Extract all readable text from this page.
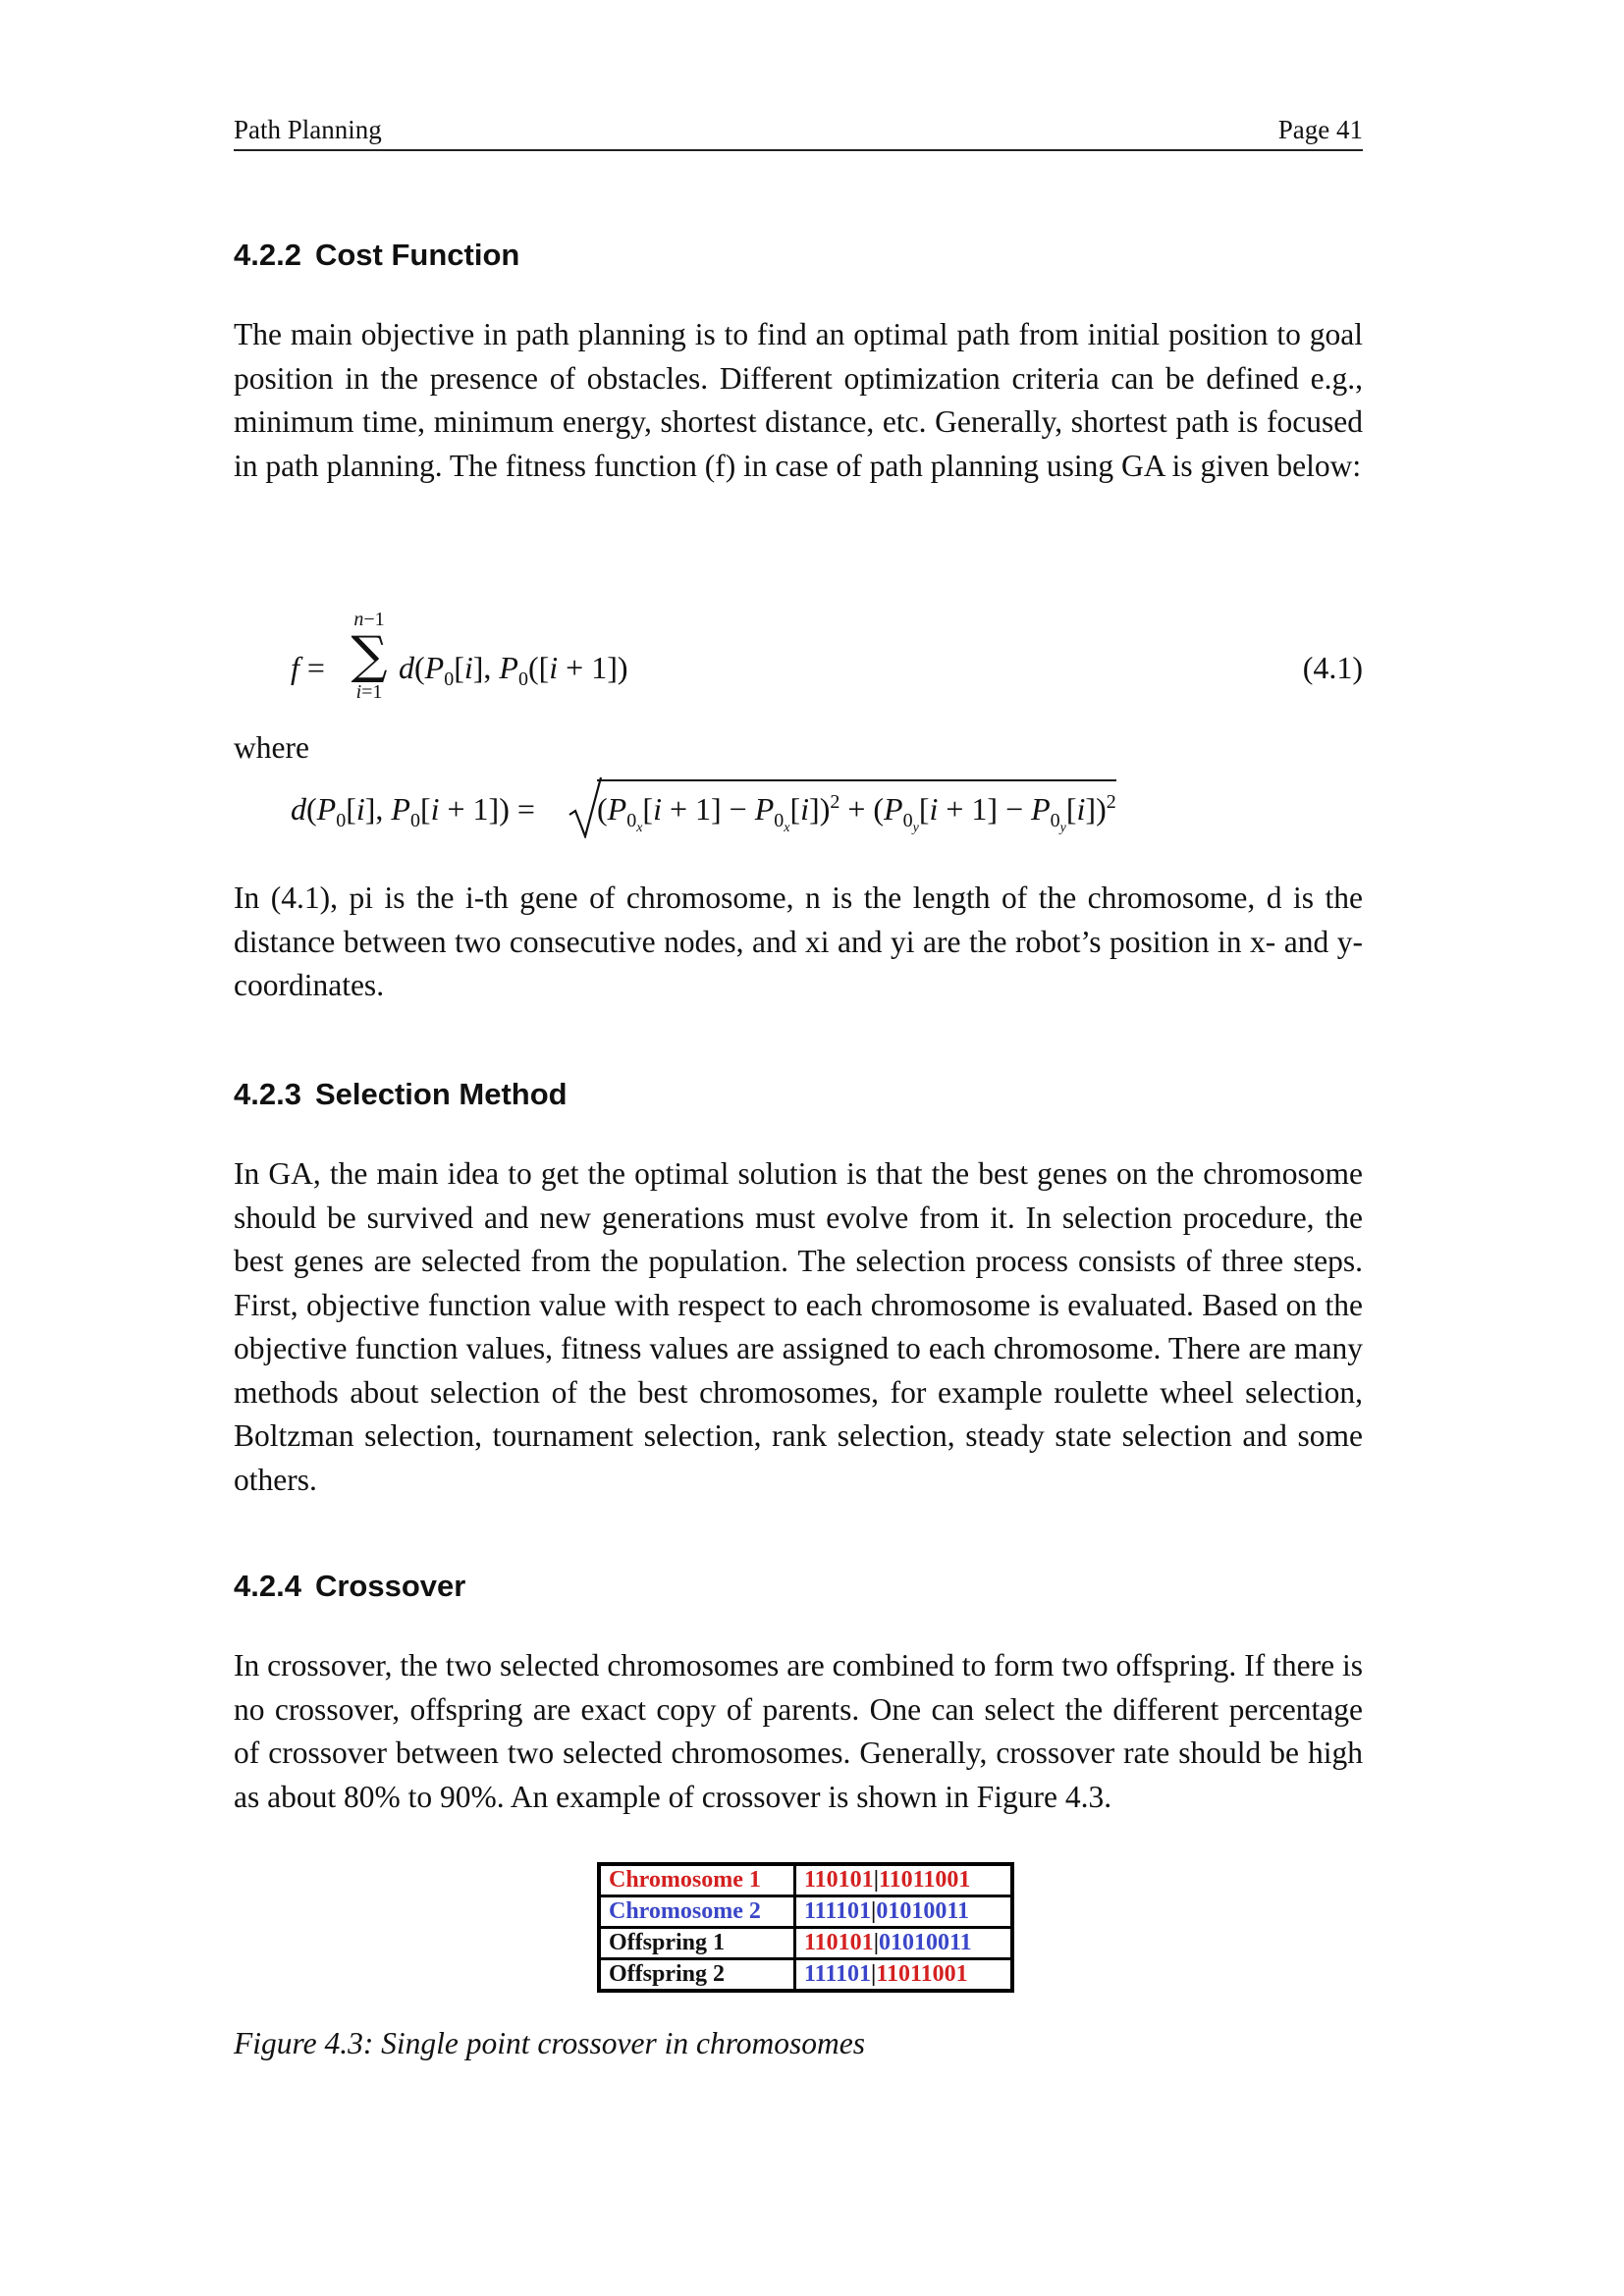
Path Planning	Page 41
4.2.2 Cost Function

The main objective in path planning is to find an optimal path from initial position to goal position in the presence of obstacles. Different optimization criteria can be defined e.g., minimum time, minimum energy, shortest distance, etc. Generally, shortest path is focused in path planning. The fitness function (f) in case of path planning using GA is given below:

f =
n−1
∑
i=1
$d(P_0[i]$, $P_0([i + 1])$	(4.1)
where
$d(P_0[i]$, $P_0[i + 1]) = (P_{0_x}[i + 1] - P_{0_x}[i])^2 + (P_{0_y}[i + 1] - P_{0_y}[i])^2$

In (4.1), pi is the i-th gene of chromosome, n is the length of the chromosome, d is the distance between two consecutive nodes, and xi and yi are the robot’s position in x- and y-coordinates.

4.2.3 Selection Method

In GA, the main idea to get the optimal solution is that the best genes on the chromosome should be survived and new generations must evolve from it. In selection procedure, the best genes are selected from the population. The selection process consists of three steps. First, objective function value with respect to each chromosome is evaluated. Based on the objective function values, fitness values are assigned to each chromosome. There are many methods about selection of the best chromosomes, for example roulette wheel selection, Boltzman selection, tournament selection, rank selection, steady state selection and some others.

4.2.4 Crossover

In crossover, the two selected chromosomes are combined to form two offspring. If there is no crossover, offspring are exact copy of parents. One can select the different percentage of crossover between two selected chromosomes. Generally, crossover rate should be high as about 80% to 90%. An example of crossover is shown in Figure 4.3.

Chromosome 1	110101|11011001
Chromosome 2	111101|01010011
Offspring 1	110101|01010011
Offspring 2	111101|11011001
Figure 4.3: Single point crossover in chromosomes
